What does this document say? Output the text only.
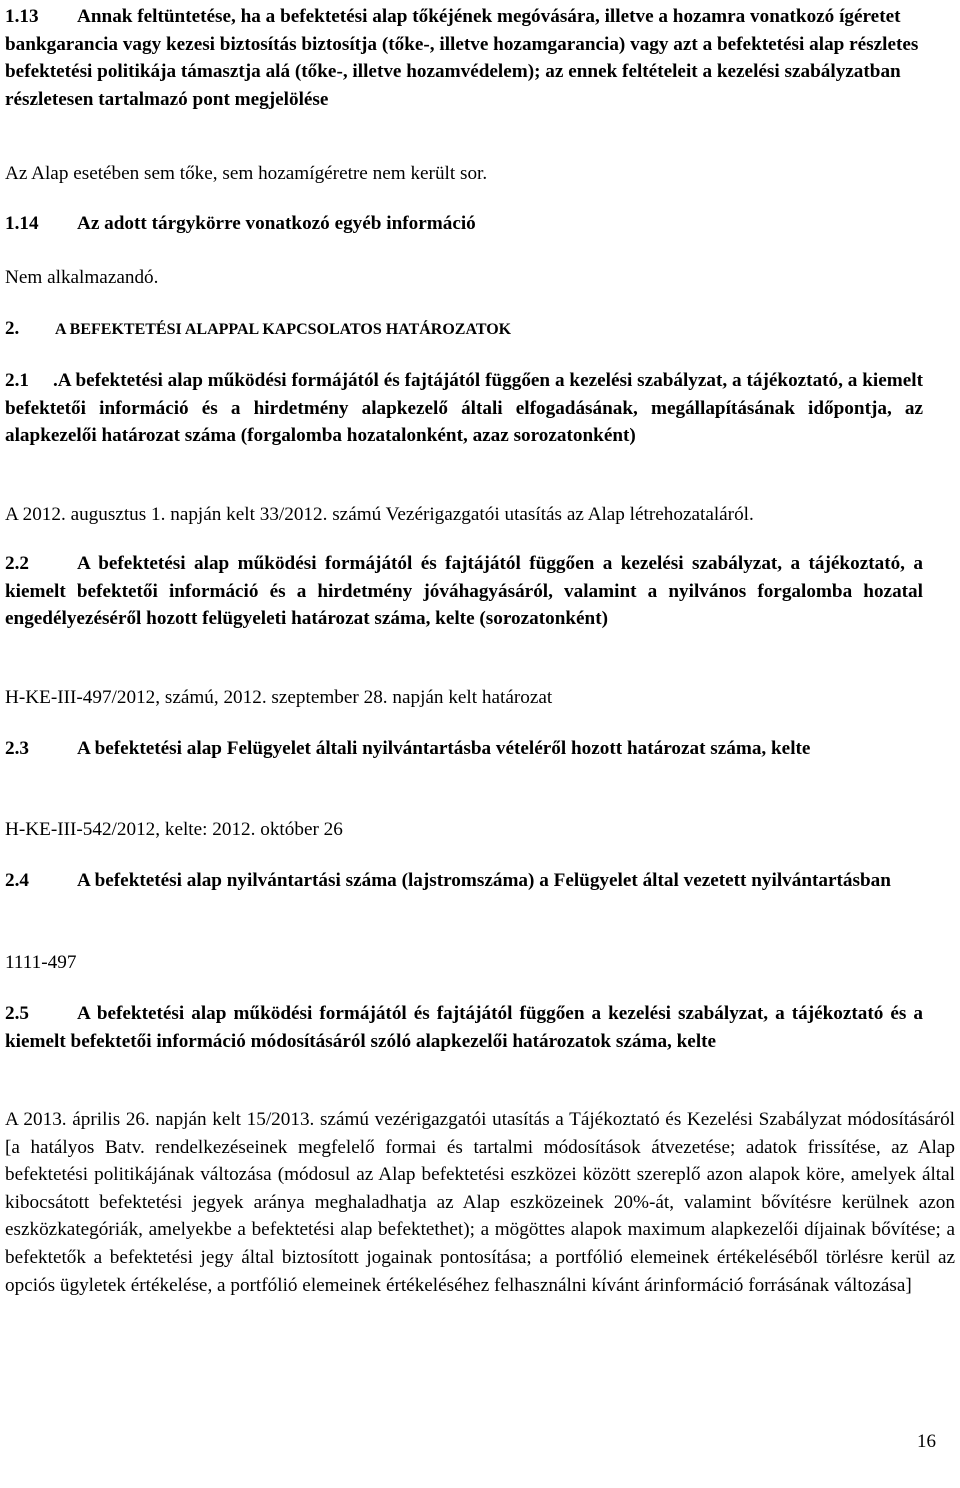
1.13 Annak feltüntetése, ha a befektetési alap tőkéjének megóvására, illetve a hozamra vonatkozó ígéretet bankgarancia vagy kezesi biztosítás biztosítja (tőke-, illetve hozamgarancia) vagy azt a befektetési alap részletes befektetési politikája támasztja alá (tőke-, illetve hozamvédelem); az ennek feltételeit a kezelési szabályzatban részletesen tartalmazó pont megjelölése

Az Alap esetében sem tőke, sem hozamígéretre nem került sor.

1.14 Az adott tárgykörre vonatkozó egyéb információ

Nem alkalmazandó.

2. A BEFEKTETÉSI ALAPPAL KAPCSOLATOS HATÁROZATOK

2.1 .A befektetési alap működési formájától és fajtájától függően a kezelési szabályzat, a tájékoztató, a kiemelt befektetői információ és a hirdetmény alapkezelő általi elfogadásának, megállapításának időpontja, az alapkezelői határozat száma (forgalomba hozatalonként, azaz sorozatonként)

A 2012. augusztus 1. napján kelt 33/2012. számú Vezérigazgatói utasítás az Alap létrehozataláról.

2.2	A befektetési alap működési formájától és fajtájától függően a kezelési szabályzat, a tájékoztató, a kiemelt befektetői információ és a hirdetmény jóváhagyásáról, valamint a nyilvános forgalomba hozatal engedélyezéséről hozott felügyeleti határozat száma, kelte (sorozatonként)

H-KE-III-497/2012, számú, 2012. szeptember 28. napján kelt határozat

2.3	A befektetési alap Felügyelet általi nyilvántartásba vételéről hozott határozat száma, kelte

H-KE-III-542/2012, kelte: 2012. október 26

2.4	A befektetési alap nyilvántartási száma (lajstromszáma) a Felügyelet által vezetett nyilvántartásban

1111-497

2.5	A befektetési alap működési formájától és fajtájától függően a kezelési szabályzat, a tájékoztató és a kiemelt befektetői információ módosításáról szóló alapkezelői határozatok száma, kelte

A 2013. április 26. napján kelt 15/2013. számú vezérigazgatói utasítás a Tájékoztató és Kezelési Szabályzat módosításáról [a hatályos Batv. rendelkezéseinek megfelelő formai és tartalmi módosítások átvezetése; adatok frissítése, az Alap befektetési politikájának változása (módosul az Alap befektetési eszközei között szereplő azon alapok köre, amelyek által kibocsátott befektetési jegyek aránya meghaladhatja az Alap eszközeinek 20%-át, valamint bővítésre kerülnek azon eszközkategóriák, amelyekbe a befektetési alap befektethet); a mögöttes alapok maximum alapkezelői díjainak bővítése; a befektetők a befektetési jegy által biztosított jogainak pontosítása; a portfólió elemeinek értékeléséből törlésre kerül az opciós ügyletek értékelése, a portfólió elemeinek értékeléséhez felhasználni kívánt árinformáció forrásának változása]

16
